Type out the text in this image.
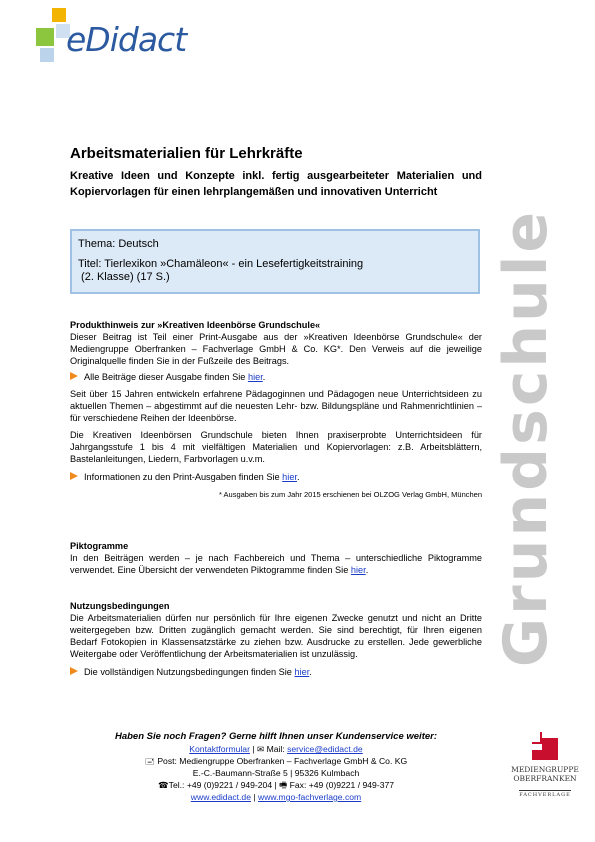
eDidact
Grundschule
Arbeitsmaterialien für Lehrkräfte
Kreative Ideen und Konzepte inkl. fertig ausgearbeiteter Materialien und Kopiervorlagen für einen lehrplangemäßen und innovativen Unterricht

Thema: Deutsch

Titel: Tierlexikon »Chamäleon« - ein Lesefertigkeitstraining

(2. Klasse) (17 S.)

Produkthinweis zur »Kreativen Ideenbörse Grundschule«
Dieser Beitrag ist Teil einer Print-Ausgabe aus der »Kreativen Ideenbörse Grundschule« der Mediengruppe Oberfranken – Fachverlage GmbH & Co. KG*. Den Verweis auf die jeweilige Originalquelle finden Sie in der Fußzeile des Beitrags.
Alle Beiträge dieser Ausgabe finden Sie hier.
Seit über 15 Jahren entwickeln erfahrene Pädagoginnen und Pädagogen neue Unterrichtsideen zu aktuellen Themen – abgestimmt auf die neuesten Lehr- bzw. Bildungspläne und Rahmenrichtlinien – für verschiedene Reihen der Ideenbörse.
Die Kreativen Ideenbörsen Grundschule bieten Ihnen praxiserprobte Unterrichtsideen für Jahrgangsstufe 1 bis 4 mit vielfältigen Materialien und Kopiervorlagen: z.B. Arbeitsblättern, Bastelanleitungen, Liedern, Farbvorlagen u.v.m.
Informationen zu den Print-Ausgaben finden Sie hier.
* Ausgaben bis zum Jahr 2015 erschienen bei OLZOG Verlag GmbH, München
Piktogramme
In den Beiträgen werden – je nach Fachbereich und Thema – unterschiedliche Piktogramme verwendet. Eine Übersicht der verwendeten Piktogramme finden Sie hier.
Nutzungsbedingungen
Die Arbeitsmaterialien dürfen nur persönlich für Ihre eigenen Zwecke genutzt und nicht an Dritte weitergegeben bzw. Dritten zugänglich gemacht werden. Sie sind berechtigt, für Ihren eigenen Bedarf Fotokopien in Klassensatzstärke zu ziehen bzw. Ausdrucke zu erstellen. Jede gewerbliche Weitergabe oder Veröffentlichung der Arbeitsmaterialien ist unzulässig.
Die vollständigen Nutzungsbedingungen finden Sie hier.
Haben Sie noch Fragen? Gerne hilft Ihnen unser Kundenservice weiter:
Kontaktformular | ✉ Mail: service@edidact.de
🖃 Post: Mediengruppe Oberfranken – Fachverlage GmbH & Co. KG
E.-C.-Baumann-Straße 5 | 95326 Kulmbach
☎Tel.: +49 (0)9221 / 949-204 | 🖷 Fax: +49 (0)9221 / 949-377
www.edidact.de | www.mgo-fachverlage.com
MEDIENGRUPPE
OBERFRANKEN
FACHVERLAGE
